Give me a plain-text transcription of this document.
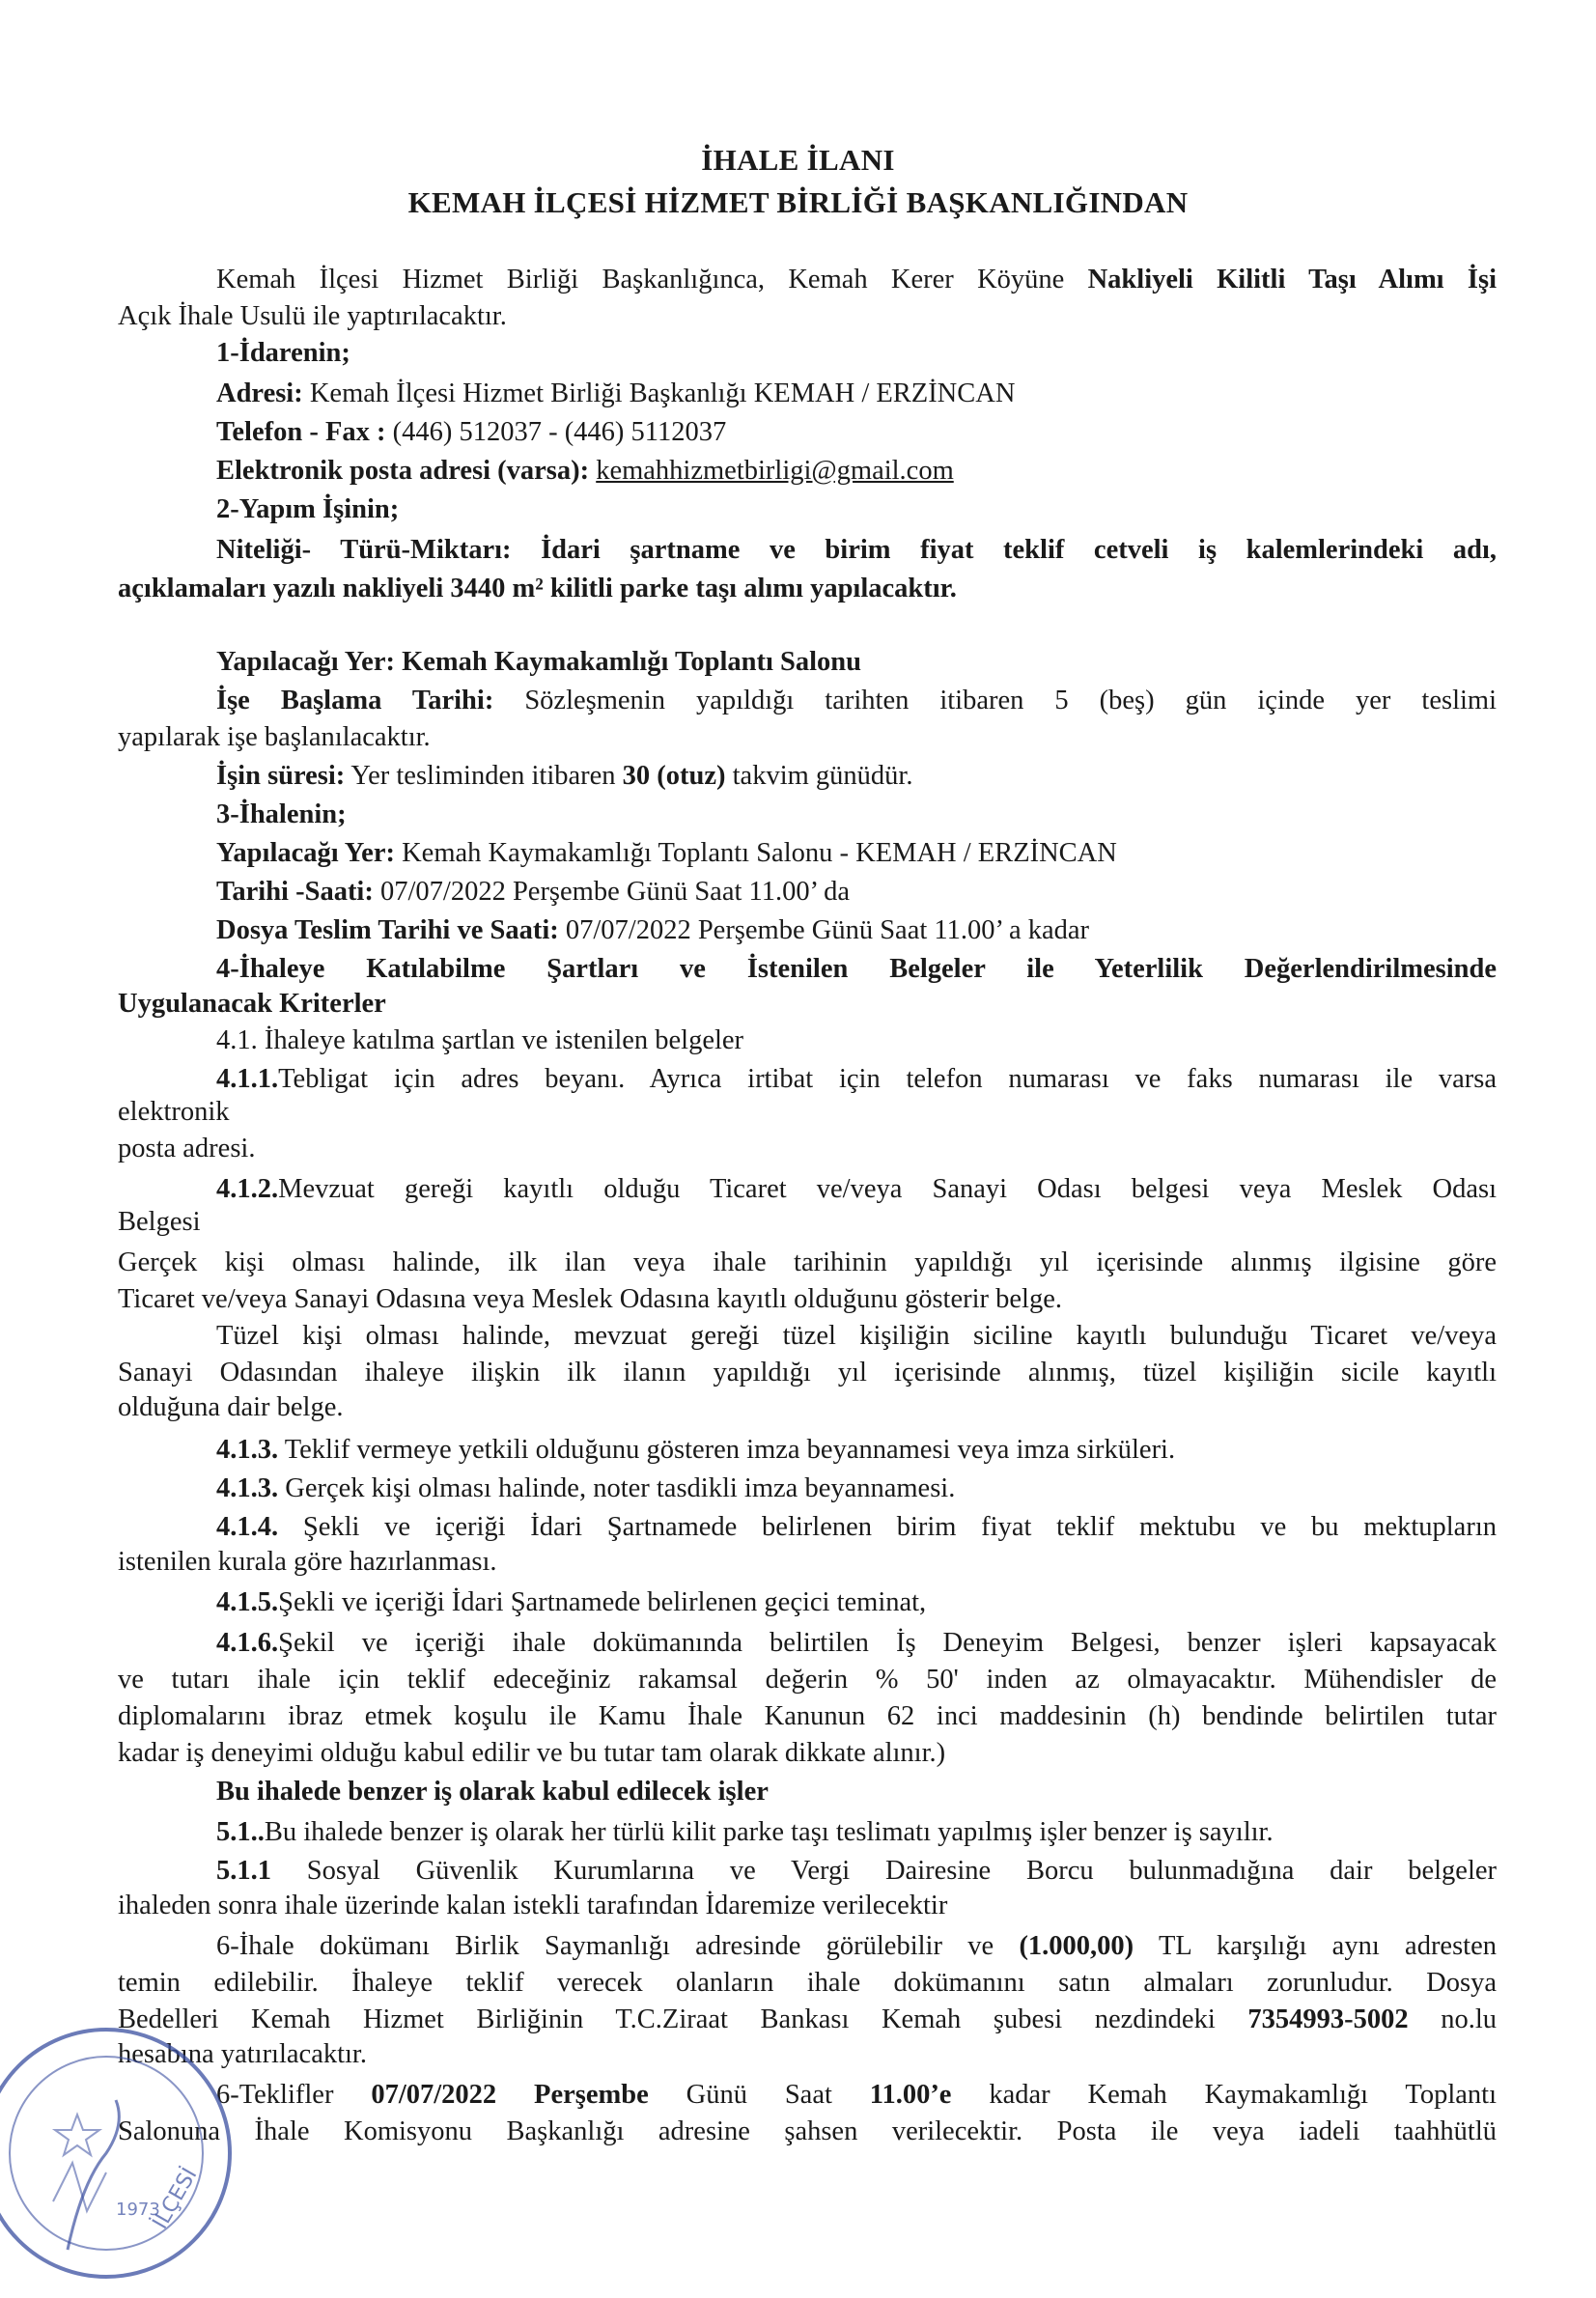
İHALE İLANI
KEMAH İLÇESİ HİZMET BİRLİĞİ BAŞKANLIĞINDAN
Kemah İlçesi Hizmet Birliği Başkanlığınca, Kemah Kerer Köyüne Nakliyeli Kilitli Taşı Alımı İşi
Açık İhale Usulü ile yaptırılacaktır.
1-İdarenin;
Adresi: Kemah İlçesi Hizmet Birliği Başkanlığı KEMAH / ERZİNCAN
Telefon - Fax : (446) 512037 - (446) 5112037
Elektronik posta adresi (varsa): kemahhizmetbirligi@gmail.com
2-Yapım İşinin;
Niteliği- Türü-Miktarı: İdari şartname ve birim fiyat teklif cetveli iş kalemlerindeki adı,
açıklamaları yazılı nakliyeli 3440 m² kilitli parke taşı alımı yapılacaktır.
Yapılacağı Yer: Kemah Kaymakamlığı Toplantı Salonu
İşe Başlama Tarihi: Sözleşmenin yapıldığı tarihten itibaren 5 (beş) gün içinde yer teslimi
yapılarak işe başlanılacaktır.
İşin süresi: Yer tesliminden itibaren 30 (otuz) takvim günüdür.
3-İhalenin;
Yapılacağı Yer: Kemah Kaymakamlığı Toplantı Salonu - KEMAH / ERZİNCAN
Tarihi -Saati: 07/07/2022 Perşembe Günü Saat 11.00’ da
Dosya Teslim Tarihi ve Saati: 07/07/2022 Perşembe Günü Saat 11.00’ a kadar
4-İhaleye Katılabilme Şartları ve İstenilen Belgeler ile Yeterlilik Değerlendirilmesinde
Uygulanacak Kriterler
4.1. İhaleye katılma şartlan ve istenilen belgeler
4.1.1.Tebligat için adres beyanı. Ayrıca irtibat için telefon numarası ve faks numarası ile varsa
elektronik
posta adresi.
4.1.2.Mevzuat gereği kayıtlı olduğu Ticaret ve/veya Sanayi Odası belgesi veya Meslek Odası
Belgesi
Gerçek kişi olması halinde, ilk ilan veya ihale tarihinin yapıldığı yıl içerisinde alınmış ilgisine göre
Ticaret ve/veya Sanayi Odasına veya Meslek Odasına kayıtlı olduğunu gösterir belge.
Tüzel kişi olması halinde, mevzuat gereği tüzel kişiliğin siciline kayıtlı bulunduğu Ticaret ve/veya
Sanayi Odasından ihaleye ilişkin ilk ilanın yapıldığı yıl içerisinde alınmış, tüzel kişiliğin sicile kayıtlı
olduğuna dair belge.
4.1.3. Teklif vermeye yetkili olduğunu gösteren imza beyannamesi veya imza sirküleri.
4.1.3. Gerçek kişi olması halinde, noter tasdikli imza beyannamesi.
4.1.4. Şekli ve içeriği İdari Şartnamede belirlenen birim fiyat teklif mektubu ve bu mektupların
istenilen kurala göre hazırlanması.
4.1.5.Şekli ve içeriği İdari Şartnamede belirlenen geçici teminat,
4.1.6.Şekil ve içeriği ihale dokümanında belirtilen İş Deneyim Belgesi, benzer işleri kapsayacak
ve tutarı ihale için teklif edeceğiniz rakamsal değerin % 50' inden az olmayacaktır. Mühendisler de
diplomalarını ibraz etmek koşulu ile Kamu İhale Kanunun 62 inci maddesinin (h) bendinde belirtilen tutar
kadar iş deneyimi olduğu kabul edilir ve bu tutar tam olarak dikkate alınır.)
Bu ihalede benzer iş olarak kabul edilecek işler
5.1..Bu ihalede benzer iş olarak her türlü kilit parke taşı teslimatı yapılmış işler benzer iş sayılır.
5.1.1 Sosyal Güvenlik Kurumlarına ve Vergi Dairesine Borcu bulunmadığına dair belgeler
ihaleden sonra ihale üzerinde kalan istekli tarafından İdaremize verilecektir
6-İhale dokümanı Birlik Saymanlığı adresinde görülebilir ve (1.000,00) TL karşılığı aynı adresten
temin edilebilir. İhaleye teklif verecek olanların ihale dokümanını satın almaları zorunludur. Dosya
Bedelleri Kemah Hizmet Birliğinin T.C.Ziraat Bankası Kemah şubesi nezdindeki 7354993-5002 no.lu
hesabına yatırılacaktır.
6-Teklifler 07/07/2022 Perşembe Günü Saat 11.00’e kadar Kemah Kaymakamlığı Toplantı
Salonuna İhale Komisyonu Başkanlığı adresine şahsen verilecektir. Posta ile veya iadeli taahhütlü
İLÇESİ
1973
